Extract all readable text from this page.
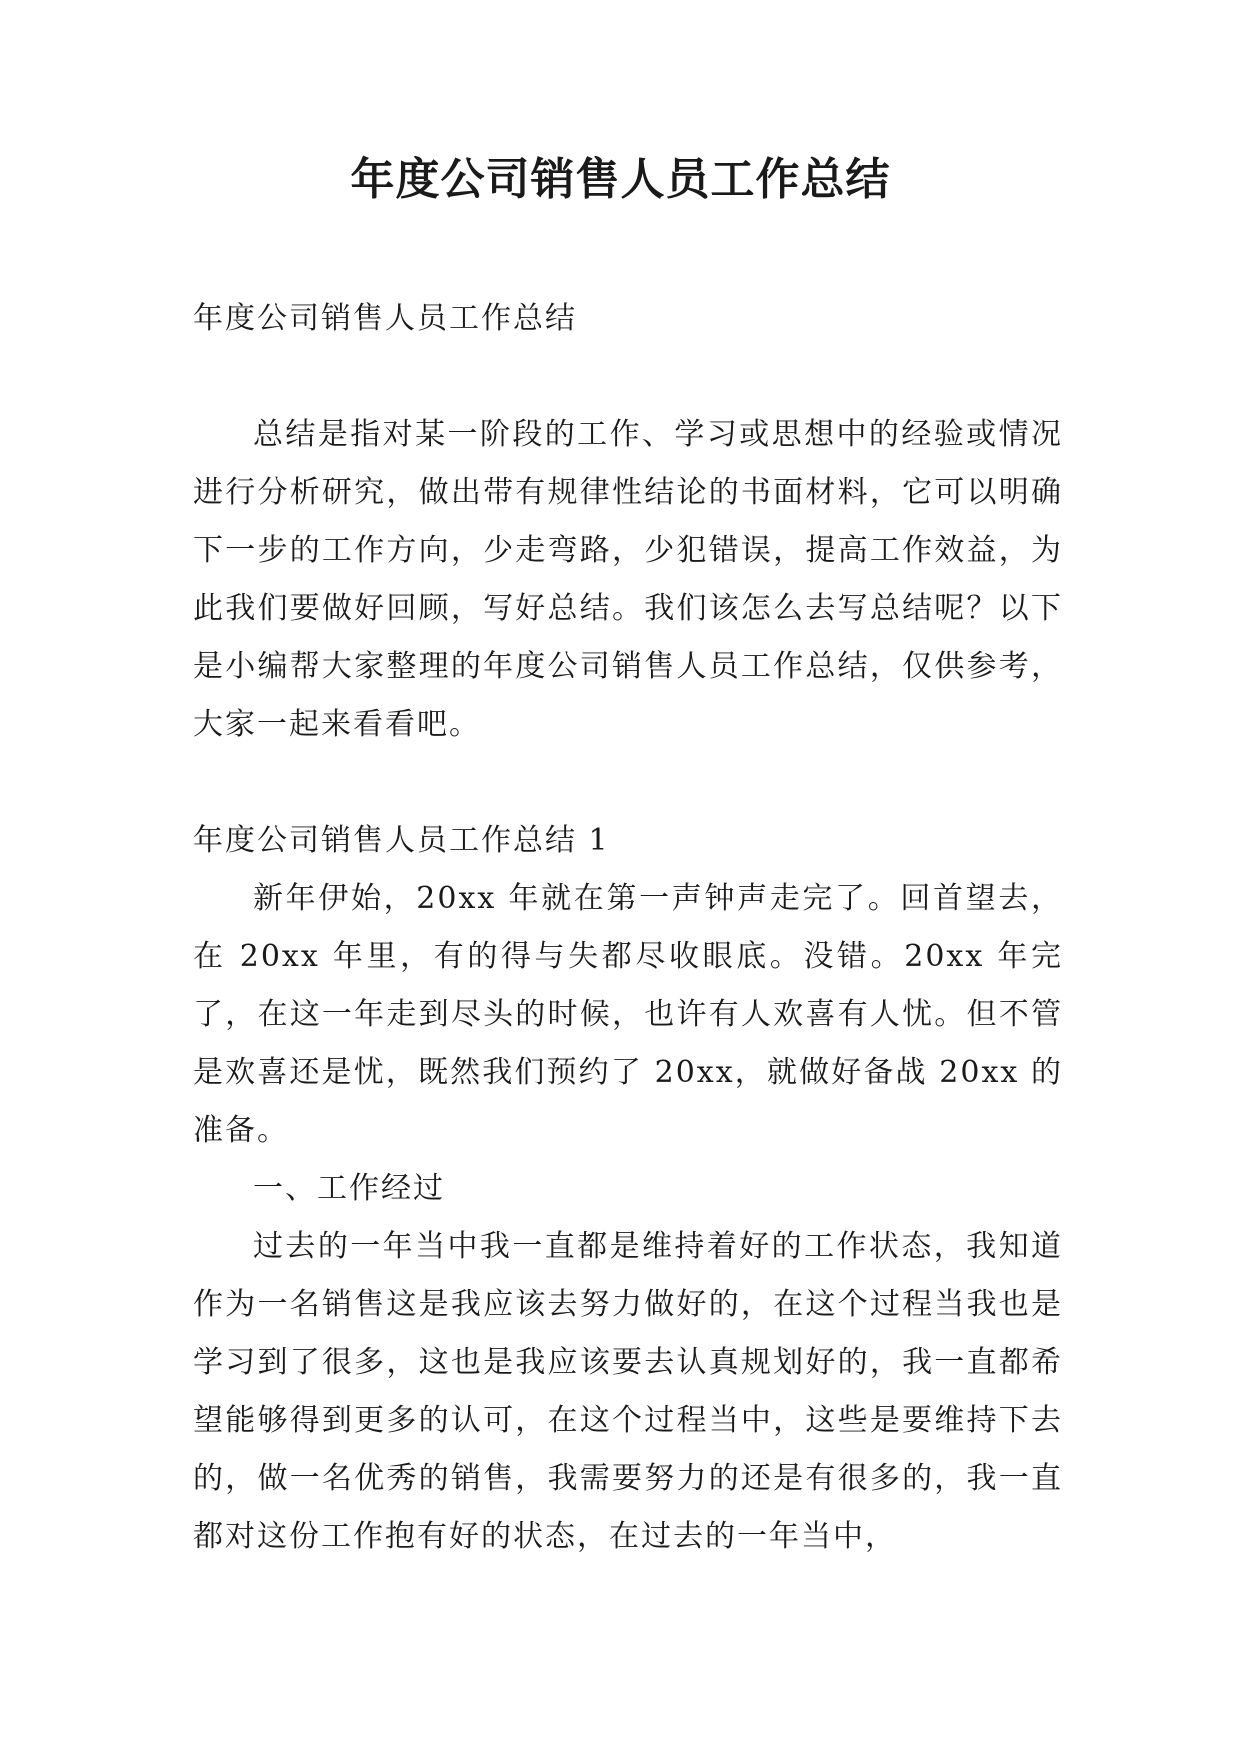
年度公司销售人员工作总结

年度公司销售人员工作总结

总结是指对某一阶段的工作、学习或思想中的经验或情况进行分析研究，做出带有规律性结论的书面材料，它可以明确下一步的工作方向，少走弯路，少犯错误，提高工作效益，为此我们要做好回顾，写好总结。我们该怎么去写总结呢？以下是小编帮大家整理的年度公司销售人员工作总结，仅供参考，大家一起来看看吧。

年度公司销售人员工作总结 1

新年伊始，20xx 年就在第一声钟声走完了。回首望去，在 20xx 年里，有的得与失都尽收眼底。没错。20xx 年完了，在这一年走到尽头的时候，也许有人欢喜有人忧。但不管是欢喜还是忧，既然我们预约了 20xx，就做好备战 20xx 的准备。

一、工作经过

过去的一年当中我一直都是维持着好的工作状态，我知道作为一名销售这是我应该去努力做好的，在这个过程当我也是学习到了很多，这也是我应该要去认真规划好的，我一直都希望能够得到更多的认可，在这个过程当中，这些是要维持下去的，做一名优秀的销售，我需要努力的还是有很多的，我一直都对这份工作抱有好的状态，在过去的一年当中，
